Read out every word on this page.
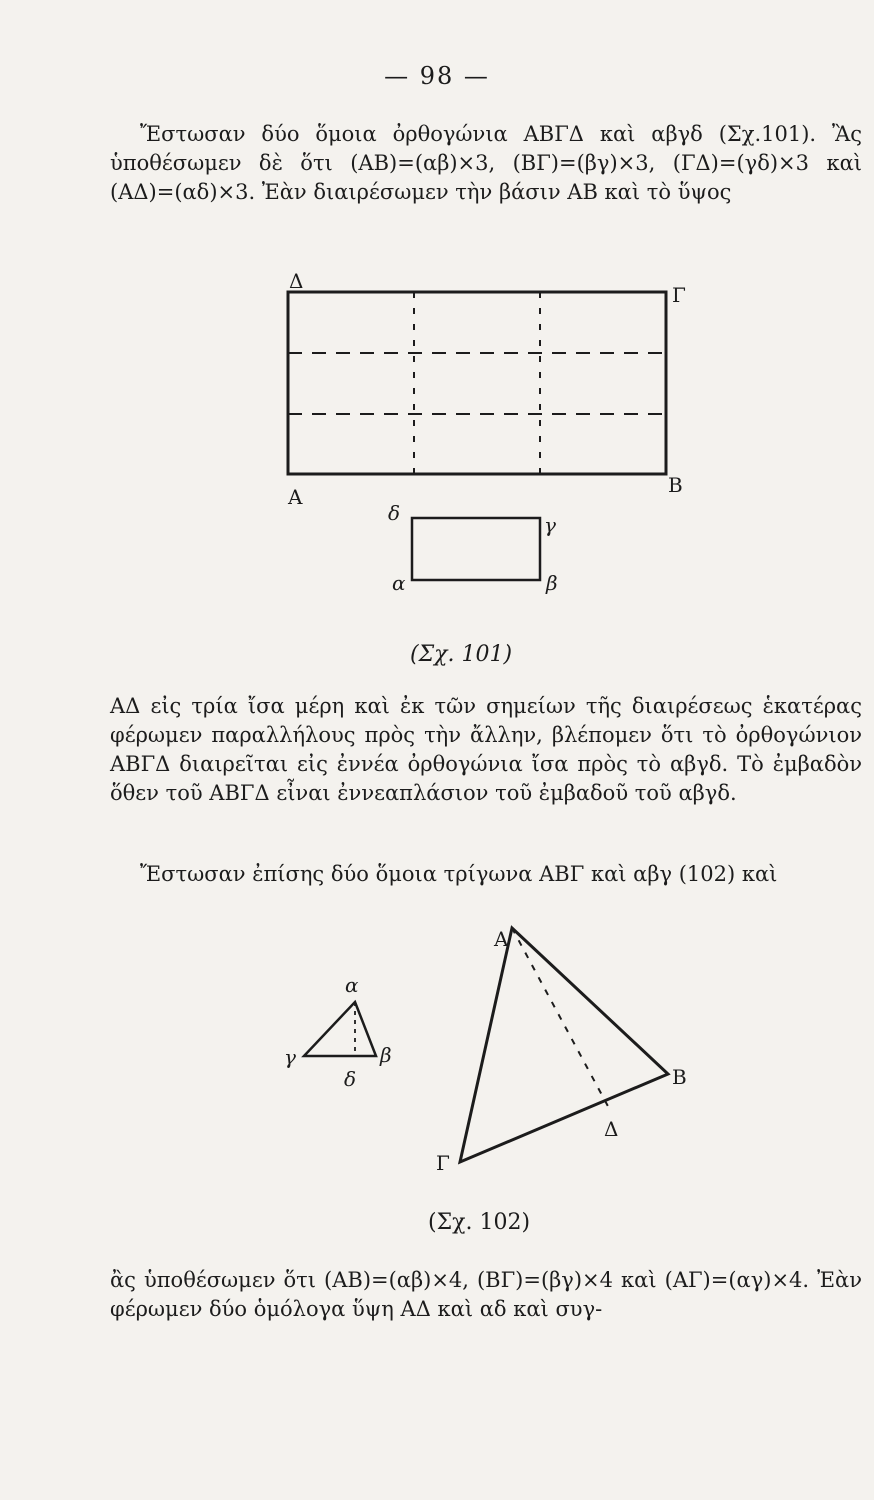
— 98 —
Ἔστωσαν δύο ὅμοια ὀρθογώνια ΑΒΓΔ καὶ αβγδ (Σχ.101). Ἂς ὑποθέσωμεν δὲ ὅτι (ΑΒ)=(αβ)×3, (ΒΓ)=(βγ)×3, (ΓΔ)=(γδ)×3 καὶ (ΑΔ)=(αδ)×3. Ἐὰν διαιρέσωμεν τὴν βάσιν ΑΒ καὶ τὸ ὕψος
Δ
Γ
Α	Β
δ	γ
α	β
(Σχ. 101)
ΑΔ εἰς τρία ἴσα μέρη καὶ ἐκ τῶν σημείων τῆς διαιρέσεως ἑκατέρας φέρωμεν παραλλήλους πρὸς τὴν ἄλλην, βλέπομεν ὅτι τὸ ὀρθογώνιον ΑΒΓΔ διαιρεῖται εἰς ἐννέα ὀρθογώνια ἴσα πρὸς τὸ αβγδ. Τὸ ἐμβαδὸν ὅθεν τοῦ ΑΒΓΔ εἶναι ἐννεαπλάσιον τοῦ ἐμβαδοῦ τοῦ αβγδ.
Ἔστωσαν ἐπίσης δύο ὅμοια τρίγωνα ΑΒΓ καὶ αβγ (102) καὶ
Α
Β
Γ
Δ
α
β
γ
δ
(Σχ. 102)
ἂς ὑποθέσωμεν ὅτι (ΑΒ)=(αβ)×4, (ΒΓ)=(βγ)×4 καὶ (ΑΓ)=(αγ)×4. Ἐὰν φέρωμεν δύο ὁμόλογα ὕψη ΑΔ καὶ αδ καὶ συγ-
